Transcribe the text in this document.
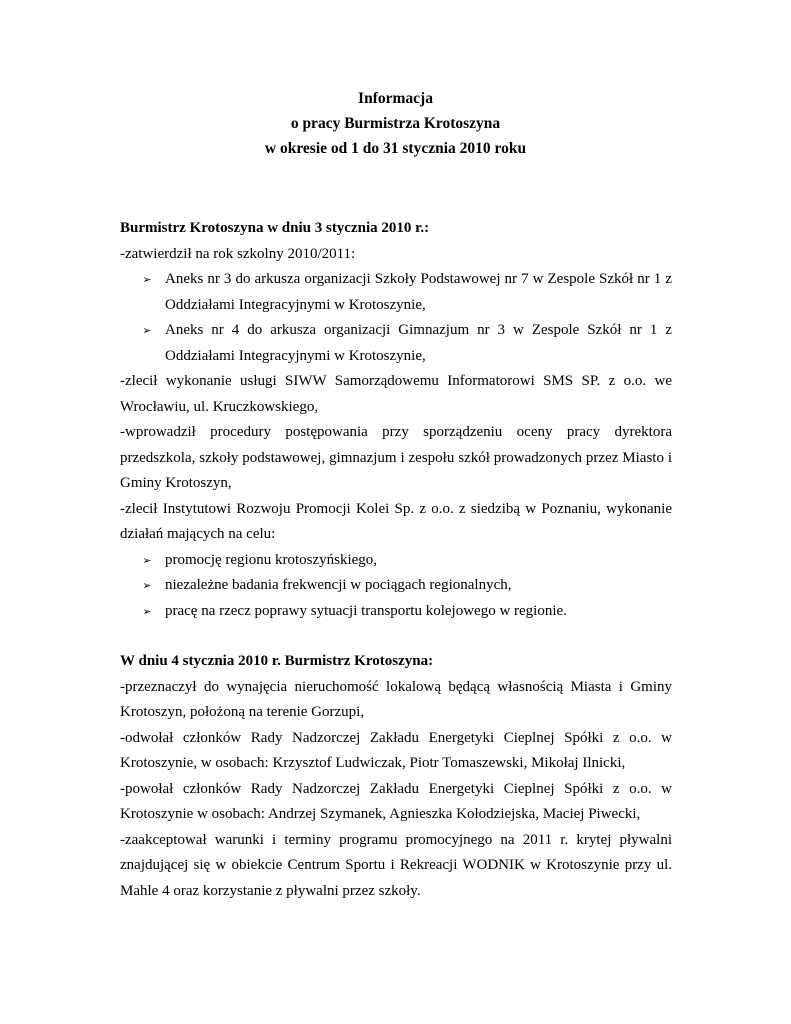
Informacja
o pracy Burmistrza Krotoszyna
w okresie od 1 do 31 stycznia 2010 roku
Burmistrz Krotoszyna w dniu 3 stycznia 2010 r.:
-zatwierdził na rok szkolny 2010/2011:
➢ Aneks nr 3 do arkusza organizacji Szkoły Podstawowej nr 7 w Zespole Szkół nr 1 z Oddziałami Integracyjnymi w Krotoszynie,
➢ Aneks nr 4 do arkusza organizacji Gimnazjum nr 3 w Zespole Szkół nr 1 z Oddziałami Integracyjnymi w Krotoszynie,
-zlecił wykonanie usługi SIWW Samorządowemu Informatorowi SMS SP. z o.o. we Wrocławiu, ul. Kruczkowskiego,
-wprowadził procedury postępowania przy sporządzeniu oceny pracy dyrektora przedszkola, szkoły podstawowej, gimnazjum i zespołu szkół prowadzonych przez Miasto i Gminy Krotoszyn,
-zlecił Instytutowi Rozwoju Promocji Kolei Sp. z o.o. z siedzibą w Poznaniu, wykonanie działań mających na celu:
➢ promocję regionu krotoszyńskiego,
➢ niezależne badania frekwencji w pociągach regionalnych,
➢ pracę na rzecz poprawy sytuacji transportu kolejowego w regionie.
W dniu 4 stycznia 2010 r. Burmistrz Krotoszyna:
-przeznaczył do wynajęcia nieruchomość lokalową będącą własnością Miasta i Gminy Krotoszyn, położoną na terenie Gorzupi,
-odwołał członków Rady Nadzorczej Zakładu Energetyki Cieplnej Spółki z o.o. w Krotoszynie, w osobach: Krzysztof Ludwiczak, Piotr Tomaszewski, Mikołaj Ilnicki,
-powołał członków Rady Nadzorczej Zakładu Energetyki Cieplnej Spółki z o.o. w Krotoszynie w osobach: Andrzej Szymanek, Agnieszka Kołodziejska, Maciej Piwecki,
-zaakceptował warunki i terminy programu promocyjnego na 2011 r. krytej pływalni znajdującej się w obiekcie Centrum Sportu i Rekreacji WODNIK w Krotoszynie przy ul. Mahle 4 oraz korzystanie z pływalni przez szkoły.
